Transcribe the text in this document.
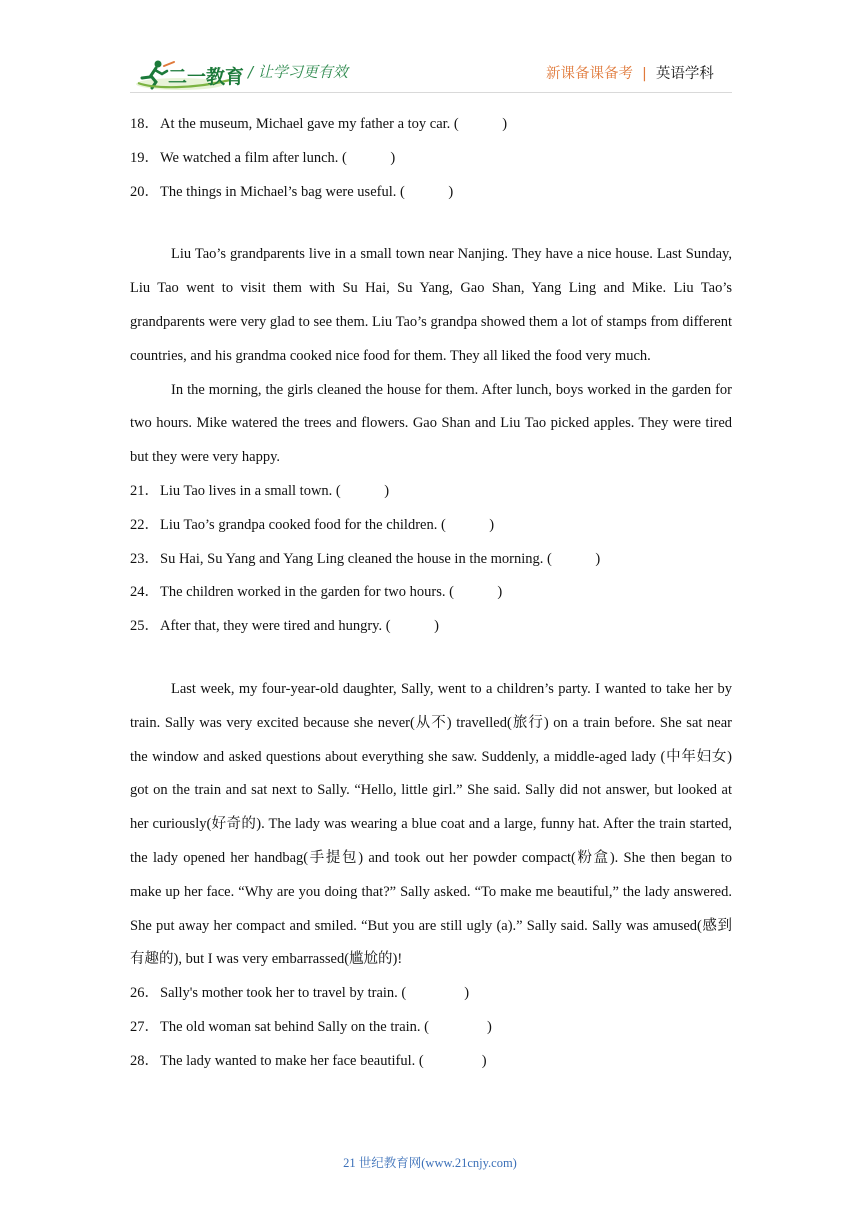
二一教育 / 让学习更有效	新课备课备考 | 英语学科
18．At the museum, Michael gave my father a toy car. (　　　)
19．We watched a film after lunch. (　　　)
20．The things in Michael’s bag were useful. (　　　)

Liu Tao’s grandparents live in a small town near Nanjing. They have a nice house. Last Sunday, Liu Tao went to visit them with Su Hai, Su Yang, Gao Shan, Yang Ling and Mike. Liu Tao’s grandparents were very glad to see them. Liu Tao’s grandpa showed them a lot of stamps from different countries, and his grandma cooked nice food for them. They all liked the food very much.

In the morning, the girls cleaned the house for them. After lunch, boys worked in the garden for two hours. Mike watered the trees and flowers. Gao Shan and Liu Tao picked apples. They were tired but they were very happy.

21．Liu Tao lives in a small town. (　　　)
22．Liu Tao’s grandpa cooked food for the children. (　　　)
23．Su Hai, Su Yang and Yang Ling cleaned the house in the morning. (　　　)
24．The children worked in the garden for two hours. (　　　)
25．After that, they were tired and hungry. (　　　)

Last week, my four-year-old daughter, Sally, went to a children’s party. I wanted to take her by train. Sally was very excited because she never(从不) travelled(旅行) on a train before. She sat near the window and asked questions about everything she saw. Suddenly, a middle-aged lady (中年妇女) got on the train and sat next to Sally. “Hello, little girl.” She said. Sally did not answer, but looked at her curiously(好奇的). The lady was wearing a blue coat and a large, funny hat. After the train started, the lady opened her handbag(手提包) and took out her powder compact(粉盒). She then began to make up her face. “Why are you doing that?” Sally asked. “To make me beautiful,” the lady answered. She put away her compact and smiled. “But you are still ugly (a).” Sally said. Sally was amused(感到有趣的), but I was very embarrassed(尴尬的)!

26．Sally's mother took her to travel by train. (　　　　)
27．The old woman sat behind Sally on the train. (　　　　)
28．The lady wanted to make her face beautiful. (　　　　)
21 世纪教育网(www.21cnjy.com)
